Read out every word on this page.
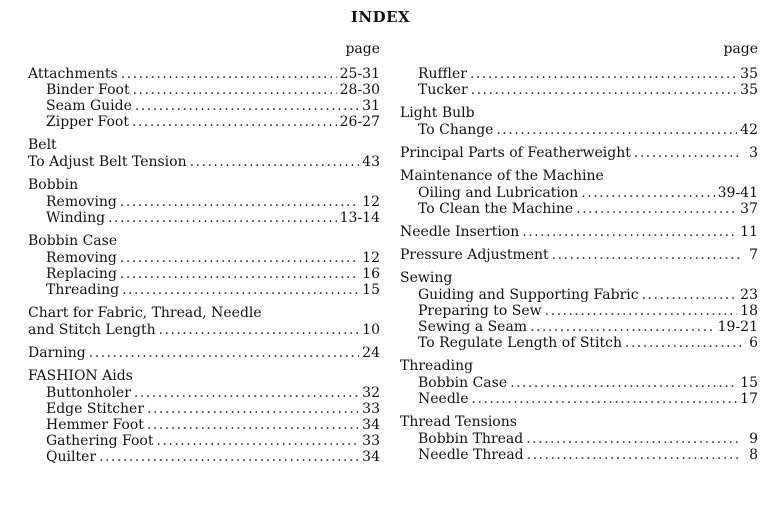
INDEX
page
Attachments .....	25-31
Binder Foot .....	28-30
Seam Guide .....	31
Zipper Foot .....	26-27
Belt
To Adjust Belt Tension .....	43
Bobbin
Removing .....	12
Winding .....	13-14
Bobbin Case
Removing .....	12
Replacing .....	16
Threading .....	15
Chart for Fabric, Thread, Needle
and Stitch Length .....	10
Darning .....	24
FASHION Aids
Buttonholer .....	32
Edge Stitcher .....	33
Hemmer Foot .....	34
Gathering Foot .....	33
Quilter .....	34
page
Ruffler .....	35
Tucker .....	35
Light Bulb
To Change .....	42
Principal Parts of Featherweight .....	3
Maintenance of the Machine
Oiling and Lubrication .....	39-41
To Clean the Machine .....	37
Needle Insertion .....	11
Pressure Adjustment .....	7
Sewing
Guiding and Supporting Fabric .....	23
Preparing to Sew .....	18
Sewing a Seam .....	19-21
To Regulate Length of Stitch .....	6
Threading
Bobbin Case .....	15
Needle .....	17
Thread Tensions
Bobbin Thread .....	9
Needle Thread .....	8
